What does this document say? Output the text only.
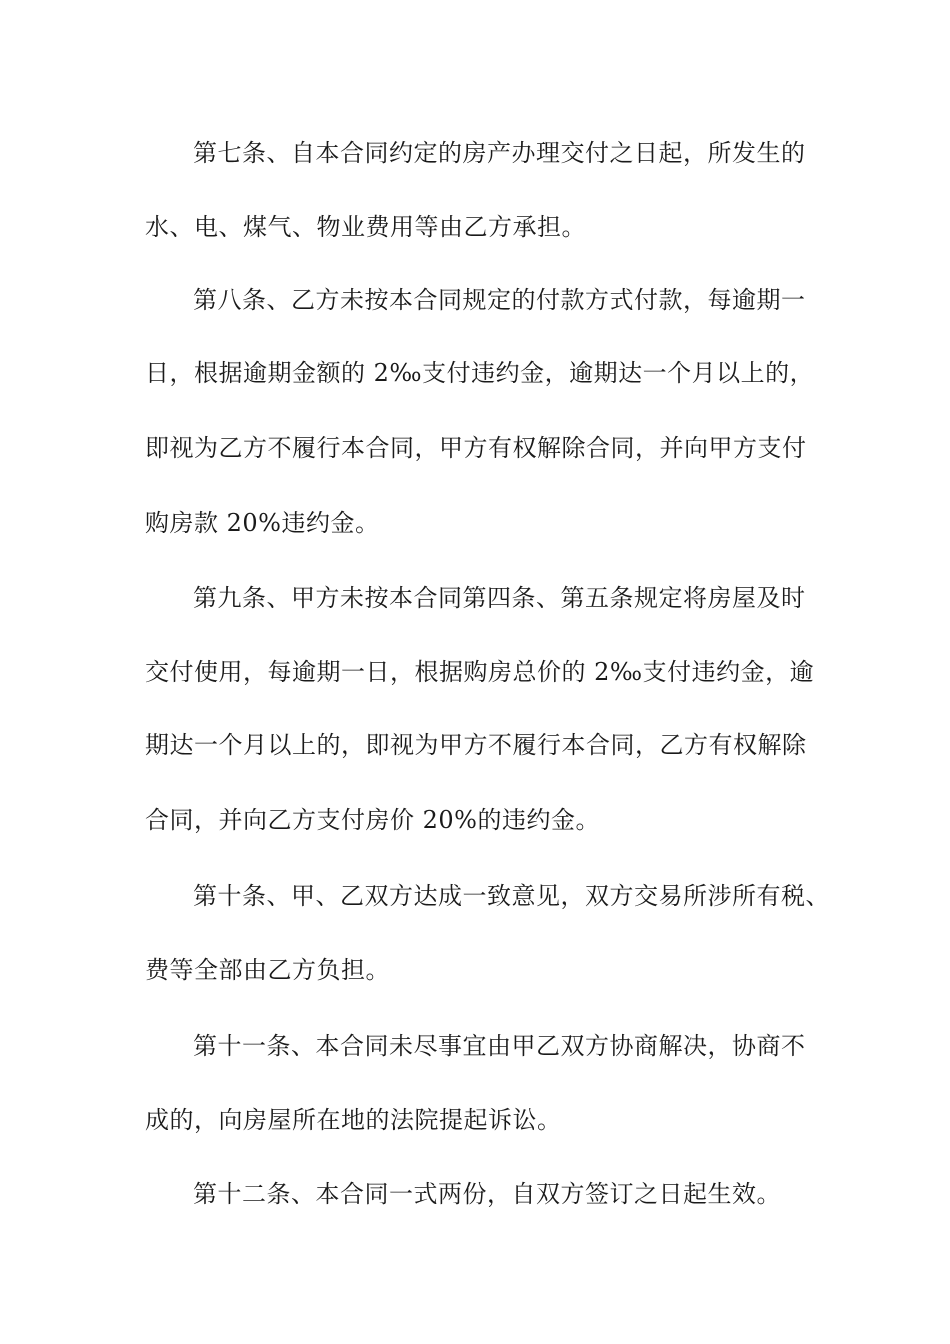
第七条、自本合同约定的房产办理交付之日起，所发生的
水、电、煤气、物业费用等由乙方承担。
第八条、乙方未按本合同规定的付款方式付款，每逾期一
日，根据逾期金额的 2‰支付违约金，逾期达一个月以上的，
即视为乙方不履行本合同，甲方有权解除合同，并向甲方支付
购房款 20%违约金。
第九条、甲方未按本合同第四条、第五条规定将房屋及时
交付使用，每逾期一日，根据购房总价的 2‰支付违约金，逾
期达一个月以上的，即视为甲方不履行本合同，乙方有权解除
合同，并向乙方支付房价 20%的违约金。
第十条、甲、乙双方达成一致意见，双方交易所涉所有税、
费等全部由乙方负担。
第十一条、本合同未尽事宜由甲乙双方协商解决，协商不
成的，向房屋所在地的法院提起诉讼。
第十二条、本合同一式两份，自双方签订之日起生效。
